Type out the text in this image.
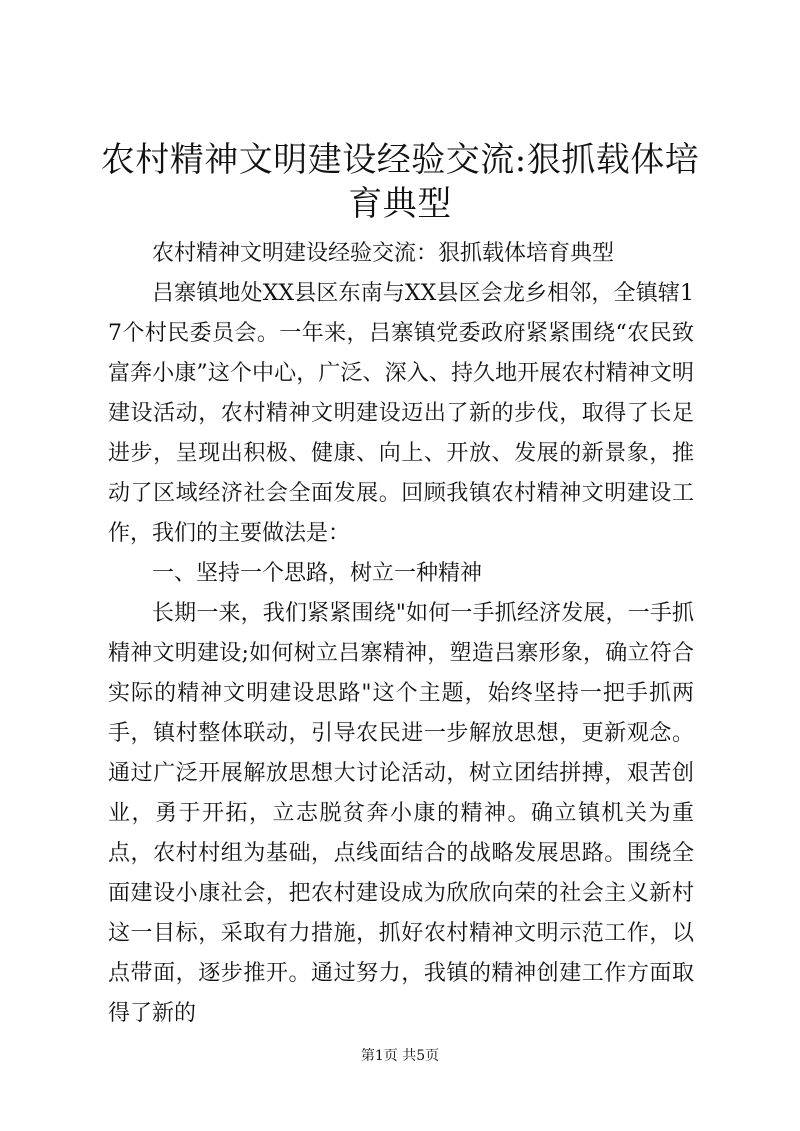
农村精神文明建设经验交流:狠抓载体培育典型

农村精神文明建设经验交流：狠抓载体培育典型

吕寨镇地处XX县区东南与XX县区会龙乡相邻，全镇辖17个村民委员会。一年来，吕寨镇党委政府紧紧围绕“农民致富奔小康”这个中心，广泛、深入、持久地开展农村精神文明建设活动，农村精神文明建设迈出了新的步伐，取得了长足进步，呈现出积极、健康、向上、开放、发展的新景象，推动了区域经济社会全面发展。回顾我镇农村精神文明建设工作，我们的主要做法是：

一、坚持一个思路，树立一种精神

长期一来，我们紧紧围绕"如何一手抓经济发展，一手抓精神文明建设;如何树立吕寨精神，塑造吕寨形象，确立符合实际的精神文明建设思路"这个主题，始终坚持一把手抓两手，镇村整体联动，引导农民进一步解放思想，更新观念。通过广泛开展解放思想大讨论活动，树立团结拼搏，艰苦创业，勇于开拓，立志脱贫奔小康的精神。确立镇机关为重点，农村村组为基础，点线面结合的战略发展思路。围绕全面建设小康社会，把农村建设成为欣欣向荣的社会主义新村这一目标，采取有力措施，抓好农村精神文明示范工作，以点带面，逐步推开。通过努力，我镇的精神创建工作方面取得了新的

第1页 共5页
